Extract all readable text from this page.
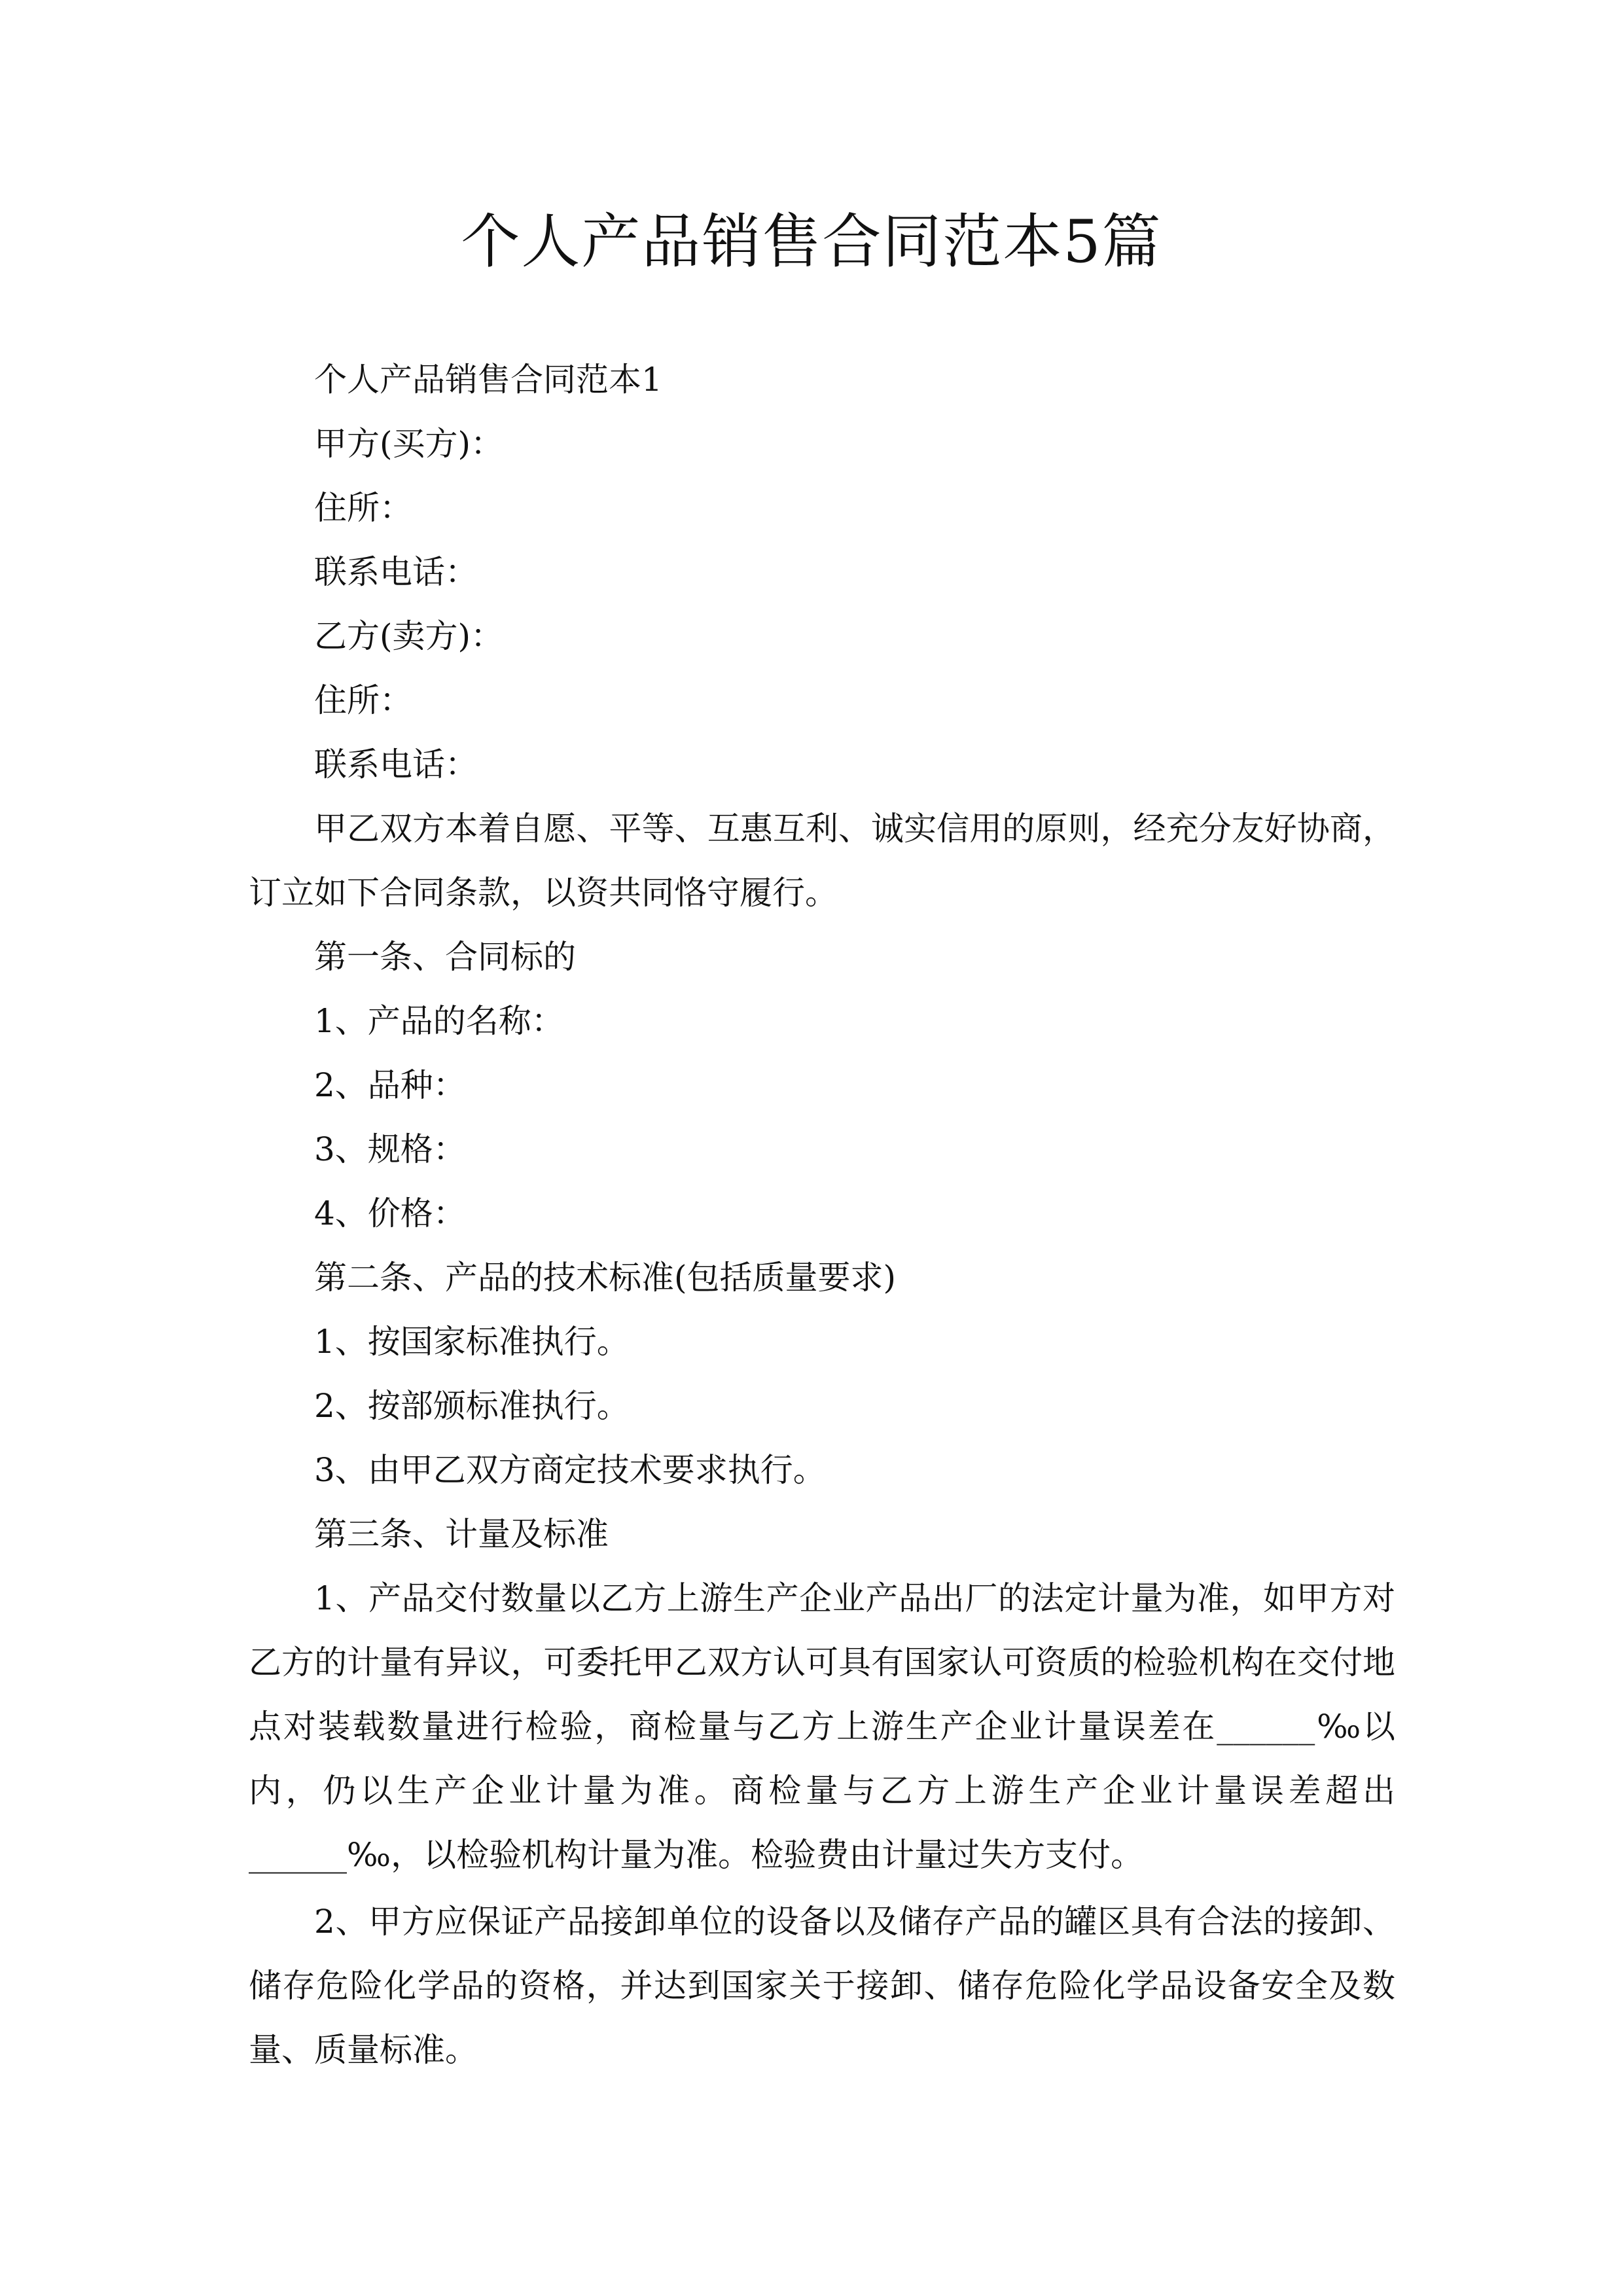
个人产品销售合同范本5篇

个人产品销售合同范本1

甲方(买方)：

住所：

联系电话：

乙方(卖方)：

住所：

联系电话：

甲乙双方本着自愿、平等、互惠互利、诚实信用的原则，经充分友好协商，订立如下合同条款，以资共同恪守履行。

第一条、合同标的

1、产品的名称：

2、品种：

3、规格：

4、价格：

第二条、产品的技术标准(包括质量要求)

1、按国家标准执行。

2、按部颁标准执行。

3、由甲乙双方商定技术要求执行。

第三条、计量及标准

1、产品交付数量以乙方上游生产企业产品出厂的法定计量为准，如甲方对乙方的计量有异议，可委托甲乙双方认可具有国家认可资质的检验机构在交付地点对装载数量进行检验，商检量与乙方上游生产企业计量误差在______‰以内，仍以生产企业计量为准。商检量与乙方上游生产企业计量误差超出______‰，以检验机构计量为准。检验费由计量过失方支付。

2、甲方应保证产品接卸单位的设备以及储存产品的罐区具有合法的接卸、储存危险化学品的资格，并达到国家关于接卸、储存危险化学品设备安全及数量、质量标准。
